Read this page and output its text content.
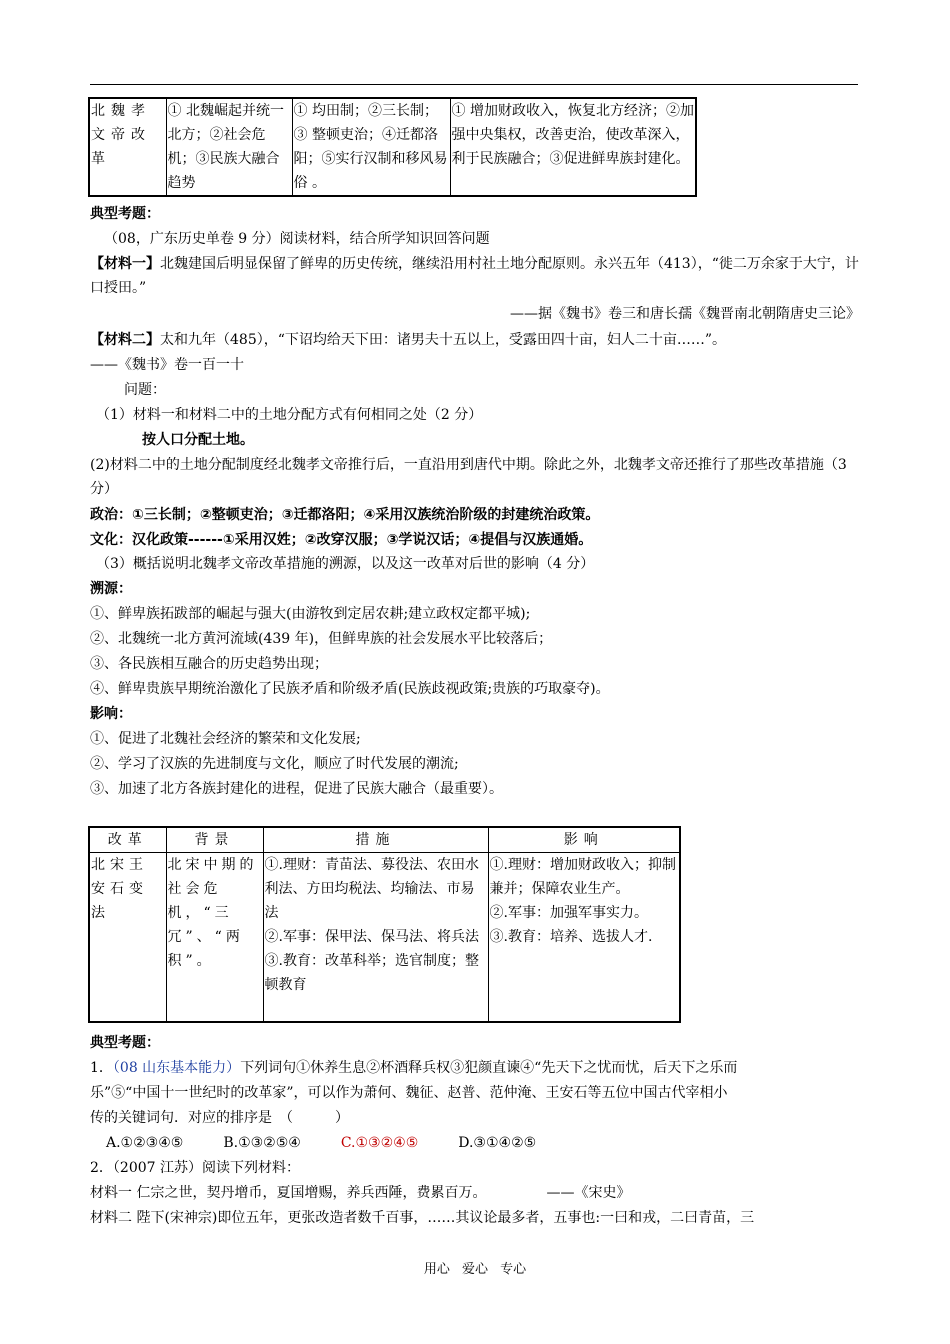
北魏孝文帝改革	① 北魏崛起并统一北方；②社会危机；③民族大融合趋势	① 均田制；②三长制；③ 整顿吏治；④迁都洛阳；⑤实行汉制和移风易俗 。	① 增加财政收入，恢复北方经济；②加强中央集权，改善吏治，使改革深入，利于民族融合；③促进鲜卑族封建化。
典型考题：
（08，广东历史单卷 9 分）阅读材料，结合所学知识回答问题
【材料一】北魏建国后明显保留了鲜卑的历史传统，继续沿用村社土地分配原则。永兴五年（413），“徙二万余家于大宁，计口授田。”
——据《魏书》卷三和唐长孺《魏晋南北朝隋唐史三论》
【材料二】太和九年（485），“下诏均给天下田：诸男夫十五以上，受露田四十亩，妇人二十亩……”。
——《魏书》卷一百一十
问题：
（1）材料一和材料二中的土地分配方式有何相同之处（2 分）
按人口分配土地。
(2)材料二中的土地分配制度经北魏孝文帝推行后，一直沿用到唐代中期。除此之外，北魏孝文帝还推行了那些改革措施（3 分）
政治：①三长制；②整顿吏治；③迁都洛阳；④采用汉族统治阶级的封建统治政策。
文化：汉化政策------①采用汉姓；②改穿汉服；③学说汉话；④提倡与汉族通婚。
（3）概括说明北魏孝文帝改革措施的溯源，以及这一改革对后世的影响（4 分）
溯源：
①、鲜卑族拓跋部的崛起与强大(由游牧到定居农耕;建立政权定都平城);
②、北魏统一北方黄河流域(439 年)，但鲜卑族的社会发展水平比较落后；
③、各民族相互融合的历史趋势出现；
④、鲜卑贵族早期统治激化了民族矛盾和阶级矛盾(民族歧视政策;贵族的巧取豪夺)。
影响：
①、促进了北魏社会经济的繁荣和文化发展;
②、学习了汉族的先进制度与文化，顺应了时代发展的潮流;
③、加速了北方各族封建化的进程，促进了民族大融合（最重要）。
改革	背景	措施	影响
北宋王安石变法	北宋中期的社会危机，“三冗”、“两积”。	①.理财：青苗法、募役法、农田水利法、方田均税法、均输法、市易法
②.军事：保甲法、保马法、将兵法
③.教育：改革科举；选官制度；整顿教育	①.理财：增加财政收入；抑制兼并；保障农业生产。
②.军事：加强军事实力。
③.教育：培养、选拔人才.
典型考题：
1．（08 山东基本能力）下列词句①休养生息②杯酒释兵权③犯颜直谏④“先天下之忧而忧，后天下之乐而
乐”⑤“中国十一世纪时的改革家”，可以作为萧何、魏征、赵普、范仲淹、王安石等五位中国古代宰相小
传的关键词句．对应的排序是　（　　　）
A.①②③④⑤	B.①③②⑤④	C.①③②④⑤	D.③①④②⑤
2．（2007 江苏）阅读下列材料：
材料一 仁宗之世，契丹增币，夏国增赐，养兵西陲，费累百万。	——《宋史》
材料二 陛下(宋神宗)即位五年，更张改造者数千百事，……其议论最多者，五事也:一曰和戎，二曰青苗，三
用心 爱心 专心
